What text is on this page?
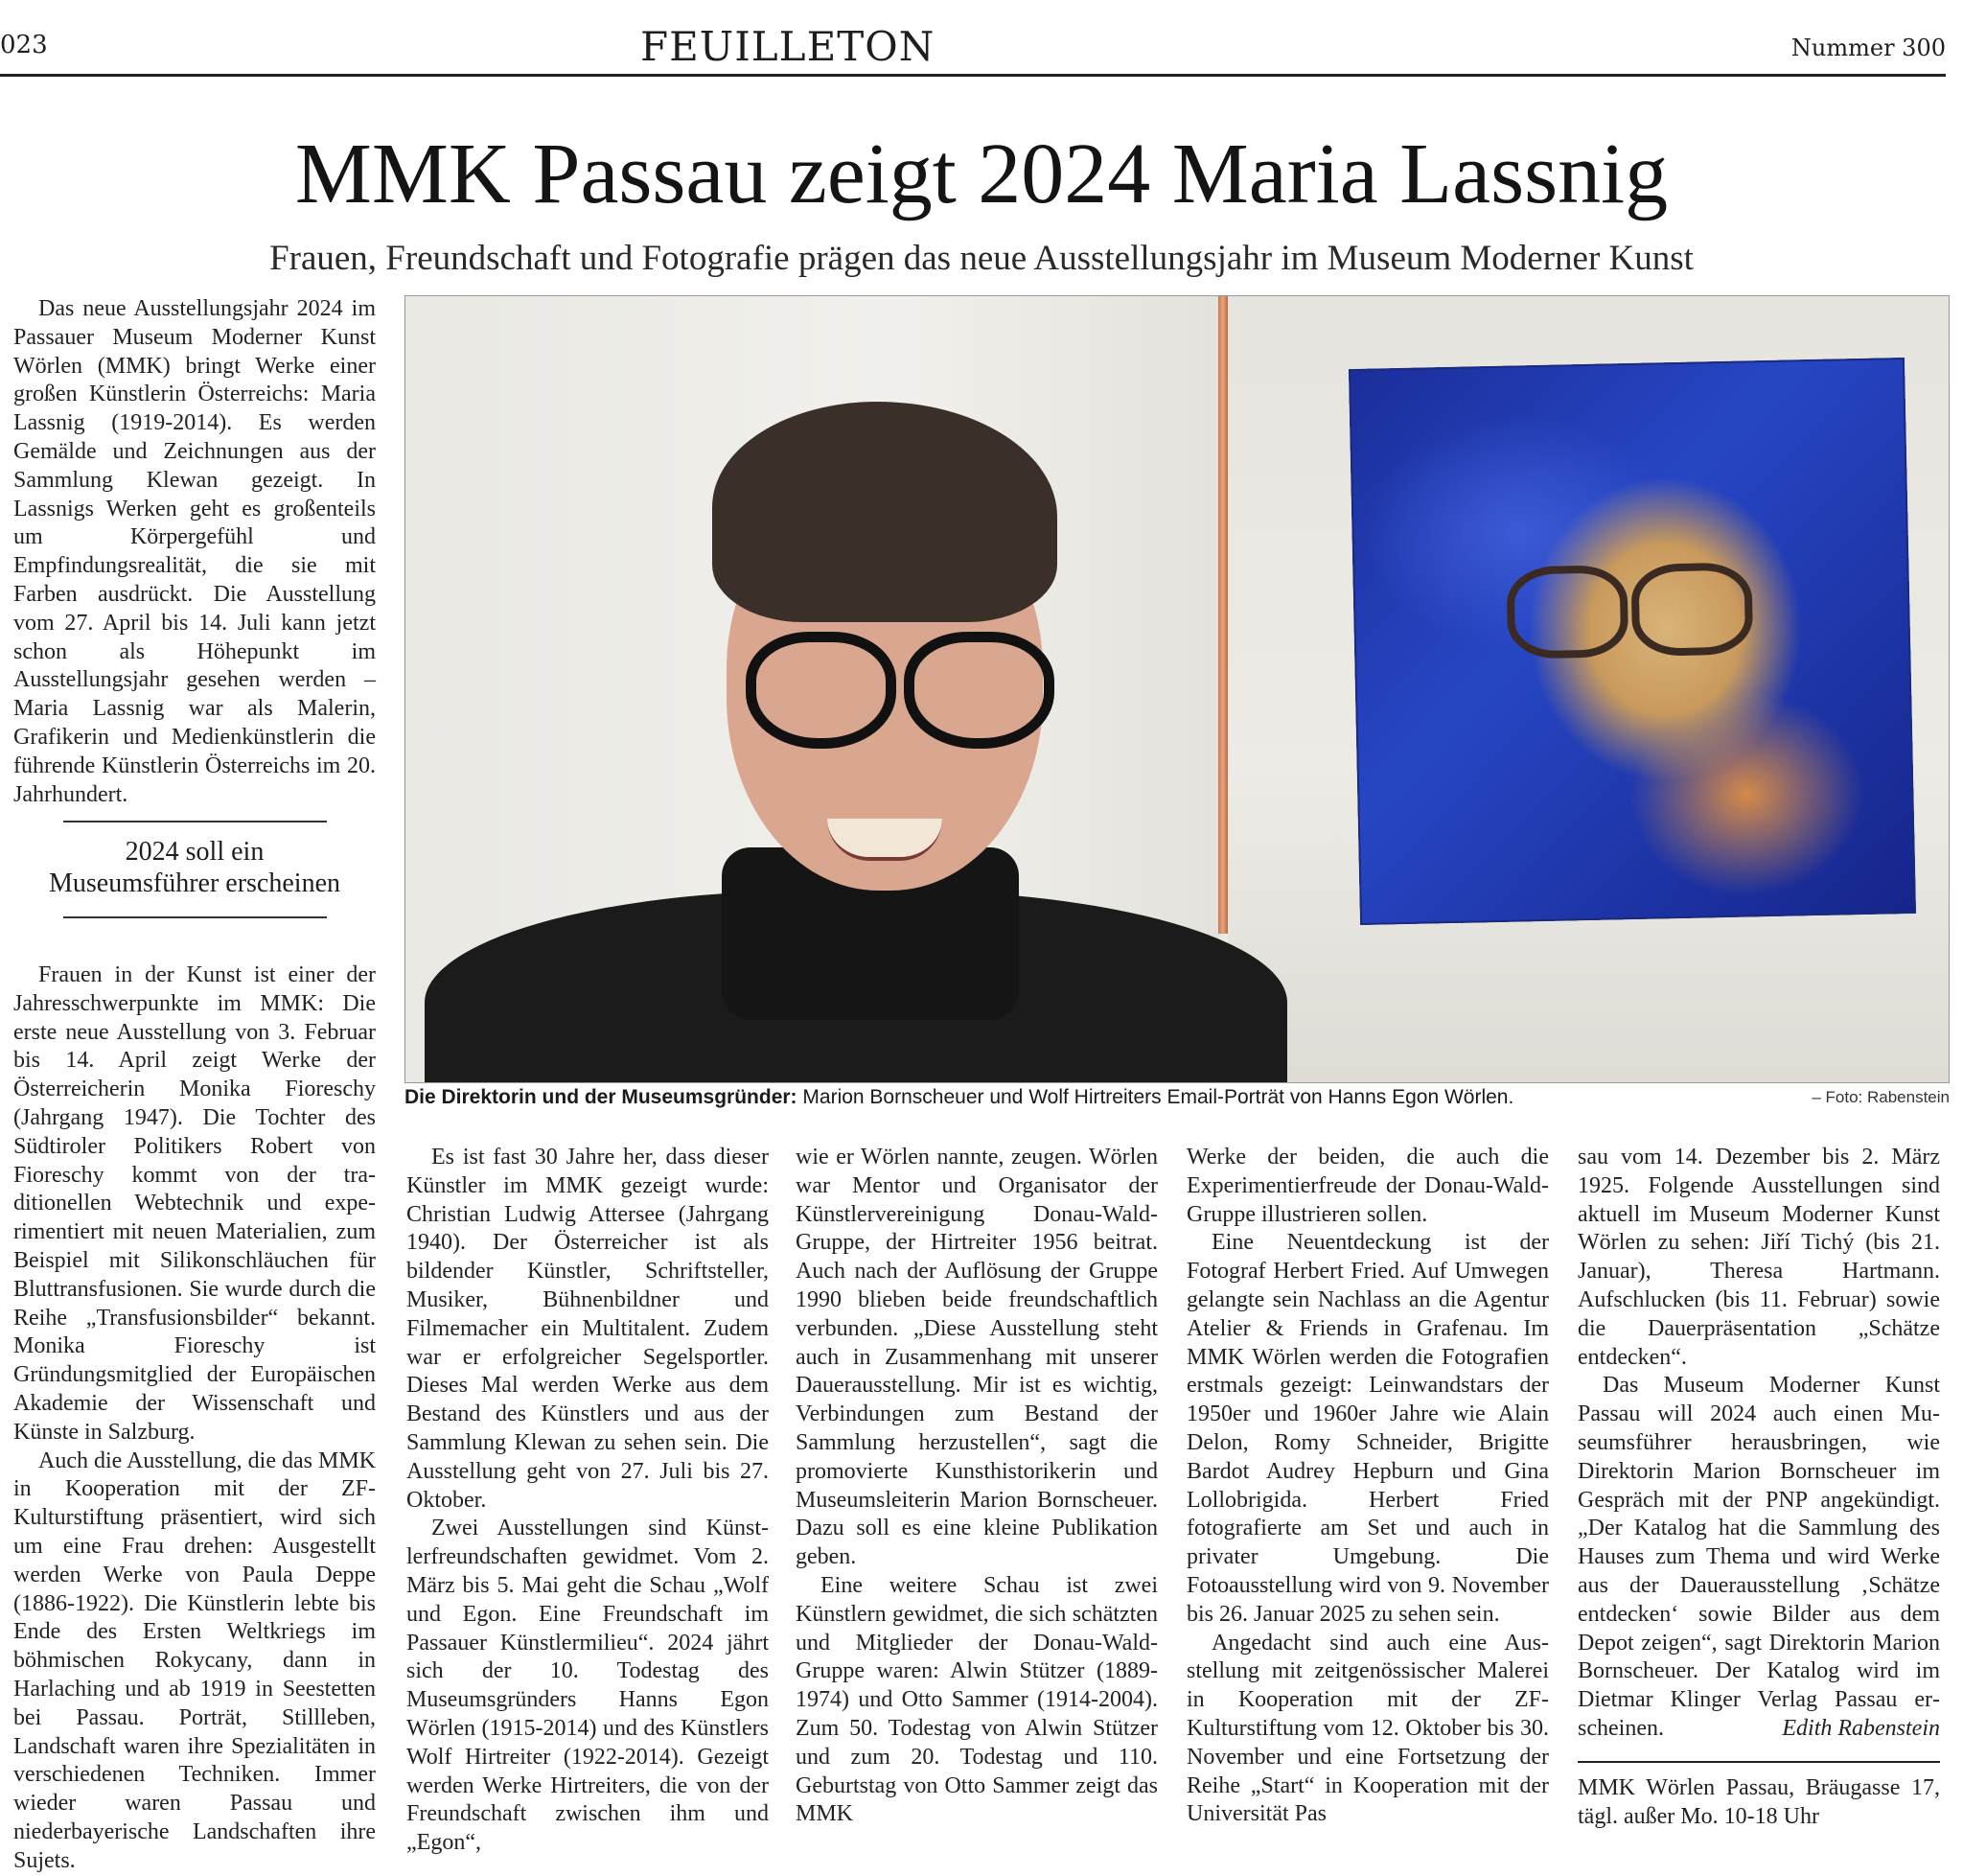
023	FEUILLETON	Nummer 300
MMK Passau zeigt 2024 Maria Lassnig
Frauen, Freundschaft und Fotografie prägen das neue Ausstellungsjahr im Museum Moderner Kunst

Das neue Ausstellungsjahr 2024 im Passauer Museum Moderner Kunst Wörlen (MMK) bringt Werke einer großen Künstlerin Österreichs: Maria Lassnig (1919-2014). Es werden Gemälde und Zeichnungen aus der Sammlung Klewan gezeigt. In Lassnigs Werken geht es großenteils um Körpergefühl und Empfindungsrealität, die sie mit Farben ausdrückt. Die Ausstellung vom 27. April bis 14. Juli kann jetzt schon als Höhepunkt im Ausstellungsjahr gesehen werden – Maria Lassnig war als Malerin, Grafikerin und Medienkünstlerin die führende Künstlerin Österreichs im 20. Jahrhundert.

2024 soll ein
Museumsführer erscheinen

Frauen in der Kunst ist einer der Jahresschwerpunkte im MMK: Die erste neue Ausstellung von 3. Februar bis 14. April zeigt Werke der Österreicherin Monika Fioreschy (Jahrgang 1947). Die Tochter des Südtiroler Politikers Robert von Fioreschy kommt von der traditionellen Webtechnik und experimentiert mit neuen Materialien, zum Beispiel mit Silikonschläuchen für Bluttransfusionen. Sie wurde durch die Reihe „Transfusionsbilder“ bekannt. Monika Fioreschy ist Gründungsmitglied der Europäischen Akademie der Wissenschaft und Künste in Salzburg.

Auch die Ausstellung, die das MMK in Kooperation mit der ZF-Kulturstiftung präsentiert, wird sich um eine Frau drehen: Ausgestellt werden Werke von Paula Deppe (1886-1922). Die Künstlerin lebte bis Ende des Ersten Weltkriegs im böhmischen Rokycany, dann in Harlaching und ab 1919 in Seestetten bei Passau. Porträt, Stillleben, Landschaft waren ihre Spezialitäten in verschiedenen Techniken. Immer wieder waren Passau und niederbayerische Landschaften ihre Sujets.

Die Direktorin und der Museumsgründer: Marion Bornscheuer und Wolf Hirtreiters Email-Porträt von Hanns Egon Wörlen.	– Foto: Rabenstein

Es ist fast 30 Jahre her, dass dieser Künstler im MMK gezeigt wurde: Christian Ludwig Attersee (Jahrgang 1940). Der Österreicher ist als bildender Künstler, Schriftsteller, Musiker, Bühnenbildner und Filmemacher ein Multitalent. Zudem war er erfolgreicher Segelsportler. Dieses Mal werden Werke aus dem Bestand des Künstlers und aus der Sammlung Klewan zu sehen sein. Die Ausstellung geht von 27. Juli bis 27. Oktober.

Zwei Ausstellungen sind Künstlerfreundschaften gewidmet. Vom 2. März bis 5. Mai geht die Schau „Wolf und Egon. Eine Freundschaft im Passauer Künstlermilieu“. 2024 jährt sich der 10. Todestag des Museumsgründers Hanns Egon Wörlen (1915-2014) und des Künstlers Wolf Hirtreiter (1922-2014). Gezeigt werden Werke Hirtreiters, die von der Freundschaft zwischen ihm und „Egon“,

wie er Wörlen nannte, zeugen. Wörlen war Mentor und Organisator der Künstlervereinigung Donau-Wald-Gruppe, der Hirtreiter 1956 beitrat. Auch nach der Auflösung der Gruppe 1990 blieben beide freundschaftlich verbunden. „Diese Ausstellung steht auch in Zusammenhang mit unserer Dauerausstellung. Mir ist es wichtig, Verbindungen zum Bestand der Sammlung herzustellen“, sagt die promovierte Kunsthistorikerin und Museumsleiterin Marion Bornscheuer. Dazu soll es eine kleine Publikation geben.

Eine weitere Schau ist zwei Künstlern gewidmet, die sich schätzten und Mitglieder der Donau-Wald-Gruppe waren: Alwin Stützer (1889-1974) und Otto Sammer (1914-2004). Zum 50. Todestag von Alwin Stützer und zum 20. Todestag und 110. Geburtstag von Otto Sammer zeigt das MMK

Werke der beiden, die auch die Experimentierfreude der Donau-Wald-Gruppe illustrieren sollen.

Eine Neuentdeckung ist der Fotograf Herbert Fried. Auf Umwegen gelangte sein Nachlass an die Agentur Atelier & Friends in Grafenau. Im MMK Wörlen werden die Fotografien erstmals gezeigt: Leinwandstars der 1950er und 1960er Jahre wie Alain Delon, Romy Schneider, Brigitte Bardot Audrey Hepburn und Gina Lollobrigida. Herbert Fried fotografierte am Set und auch in privater Umgebung. Die Fotoausstellung wird von 9. November bis 26. Januar 2025 zu sehen sein.

Angedacht sind auch eine Ausstellung mit zeitgenössischer Malerei in Kooperation mit der ZF-Kulturstiftung vom 12. Oktober bis 30. November und eine Fortsetzung der Reihe „Start“ in Kooperation mit der Universität Pas

sau vom 14. Dezember bis 2. März 1925. Folgende Ausstellungen sind aktuell im Museum Moderner Kunst Wörlen zu sehen: Jiří Tichý (bis 21. Januar), Theresa Hartmann. Aufschlucken (bis 11. Februar) sowie die Dauerpräsentation „Schätze entdecken“.

Das Museum Moderner Kunst Passau will 2024 auch einen Museumsführer herausbringen, wie Direktorin Marion Bornscheuer im Gespräch mit der PNP angekündigt. „Der Katalog hat die Sammlung des Hauses zum Thema und wird Werke aus der Dauerausstellung ‚Schätze entdecken‘ sowie Bilder aus dem Depot zeigen“, sagt Direktorin Marion Bornscheuer. Der Katalog wird im Dietmar Klinger Verlag Passau erscheinen.	Edith Rabenstein

MMK Wörlen Passau, Bräugasse 17, tägl. außer Mo. 10-18 Uhr
